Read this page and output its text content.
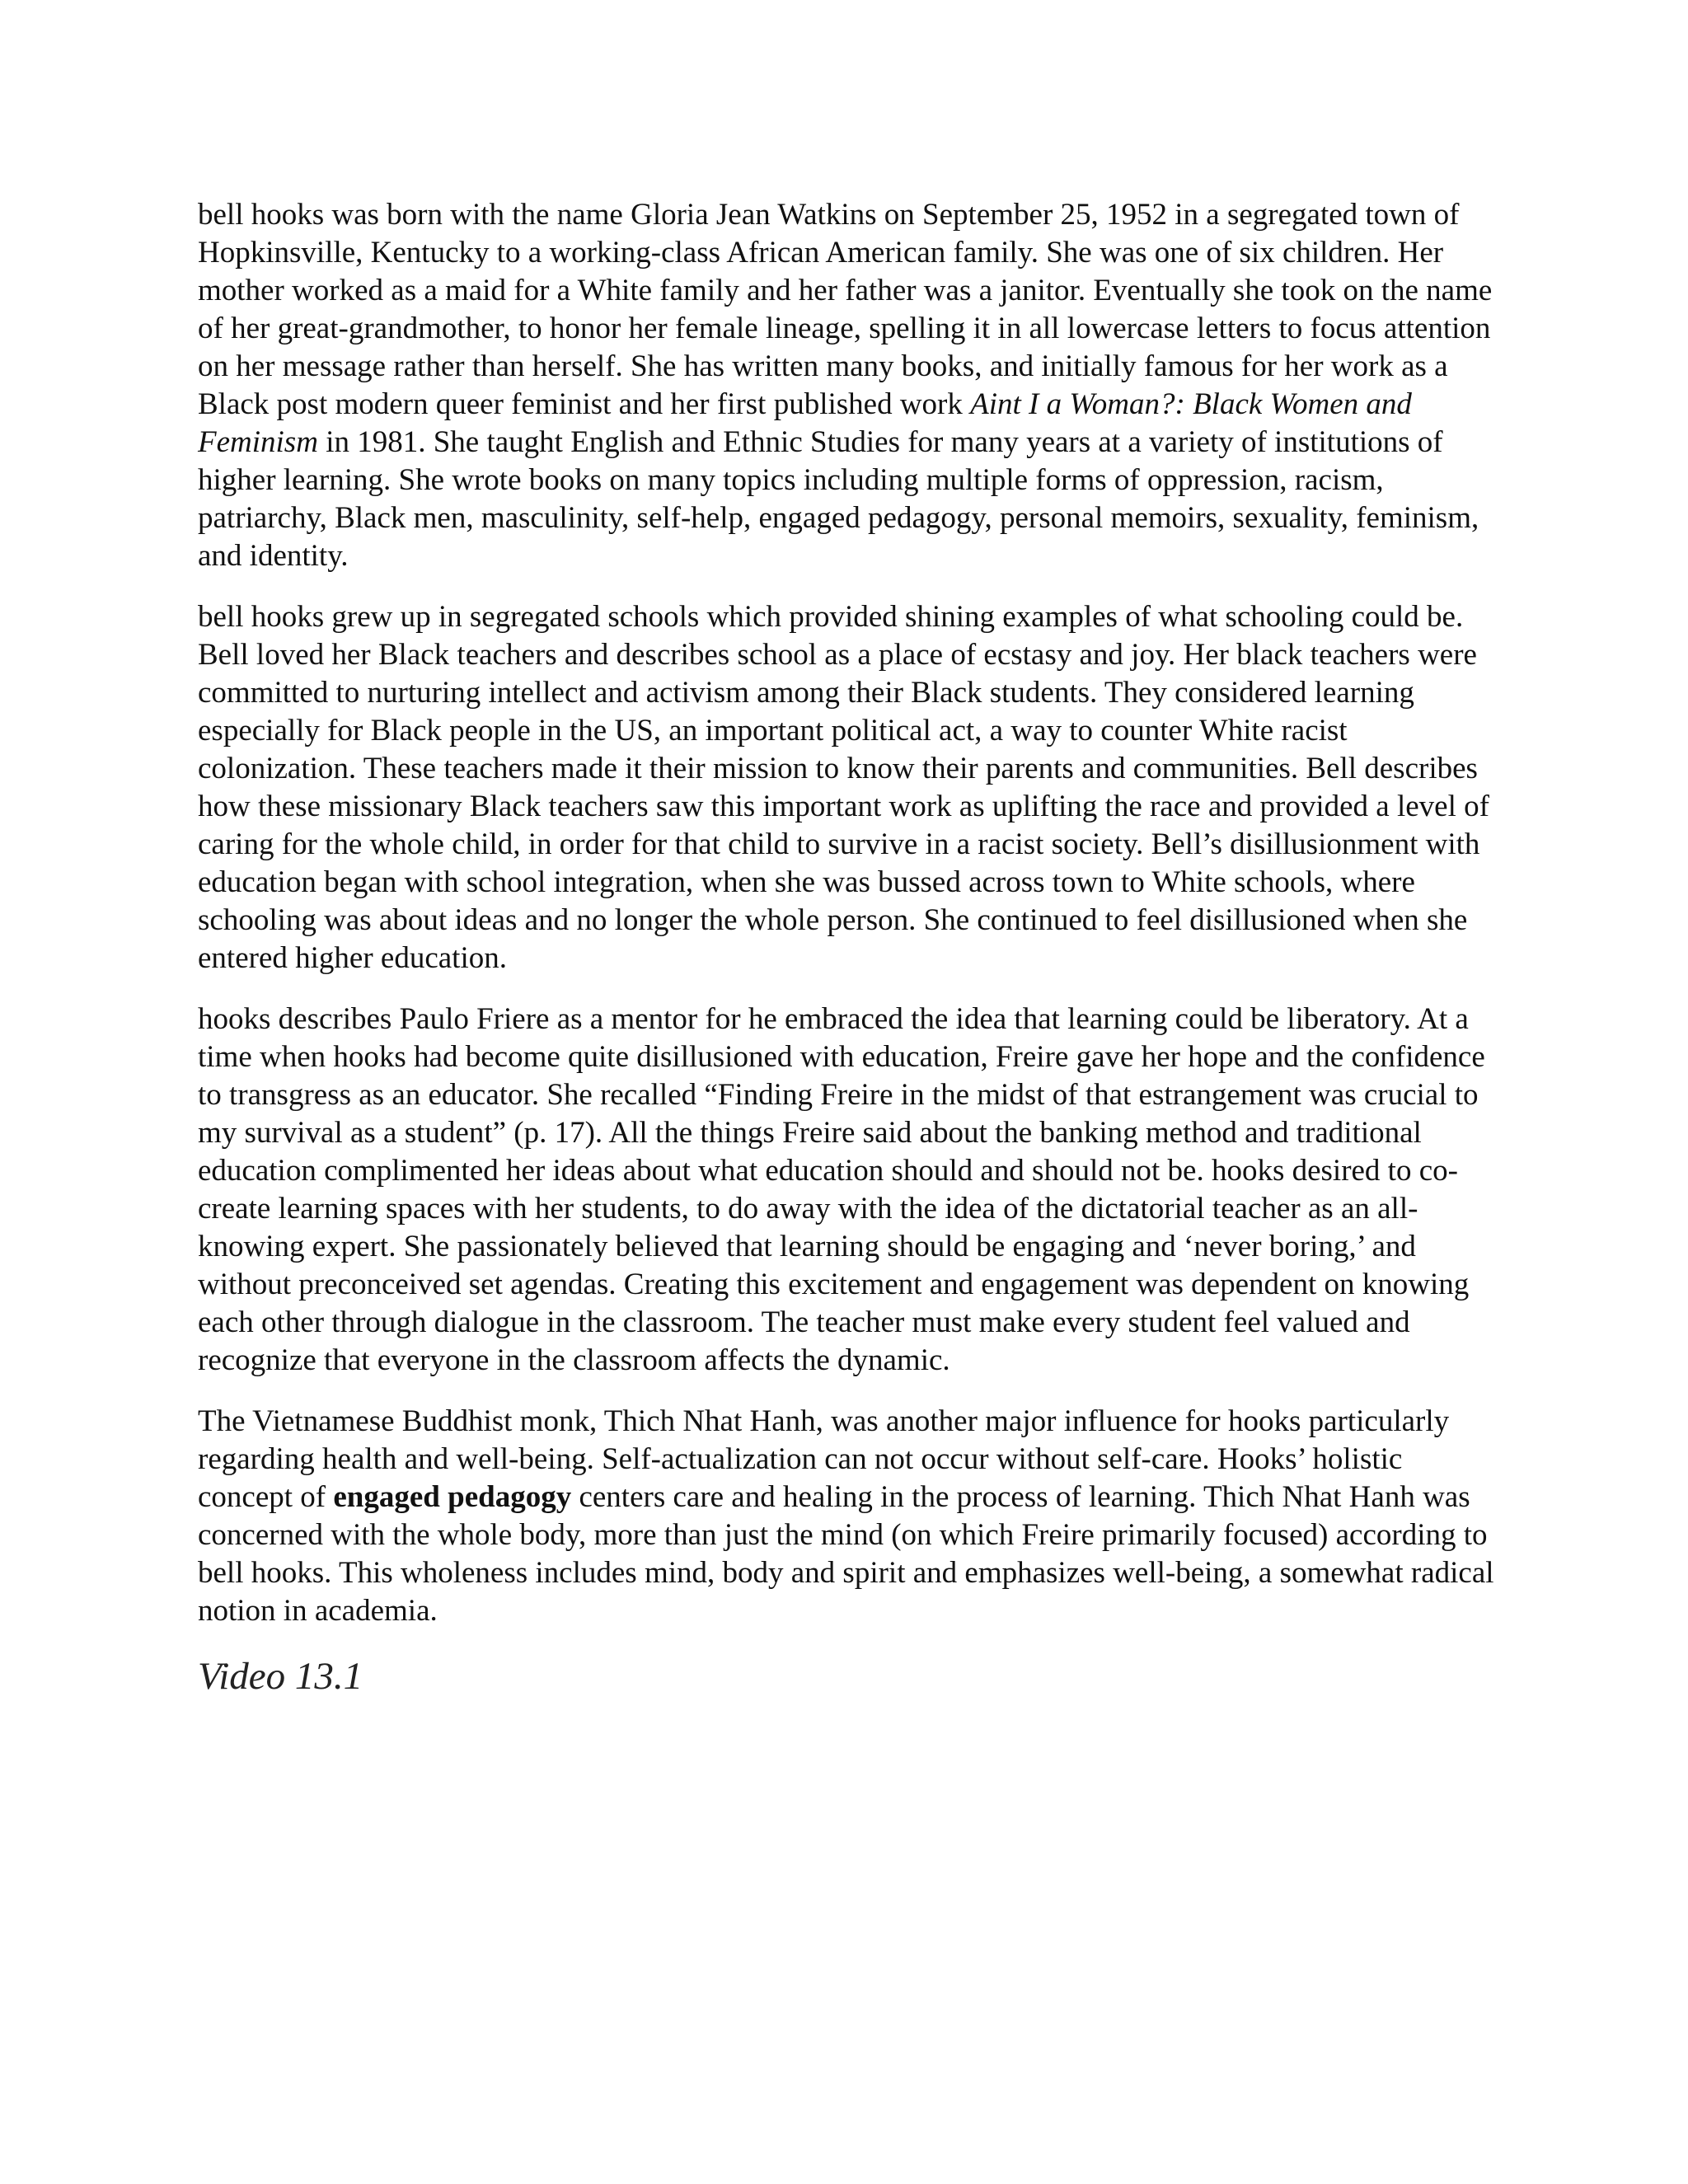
bell hooks was born with the name Gloria Jean Watkins on September 25, 1952 in a segregated town of Hopkinsville, Kentucky to a working-class African American family. She was one of six children. Her mother worked as a maid for a White family and her father was a janitor. Eventually she took on the name of her great-grandmother, to honor her female lineage, spelling it in all lowercase letters to focus attention on her message rather than herself. She has written many books, and initially famous for her work as a Black post modern queer feminist and her first published work Aint I a Woman?: Black Women and Feminism in 1981. She taught English and Ethnic Studies for many years at a variety of institutions of higher learning. She wrote books on many topics including multiple forms of oppression, racism, patriarchy, Black men, masculinity, self-help, engaged pedagogy, personal memoirs, sexuality, feminism, and identity.

bell hooks grew up in segregated schools which provided shining examples of what schooling could be. Bell loved her Black teachers and describes school as a place of ecstasy and joy. Her black teachers were committed to nurturing intellect and activism among their Black students. They considered learning especially for Black people in the US, an important political act, a way to counter White racist colonization. These teachers made it their mission to know their parents and communities. Bell describes how these missionary Black teachers saw this important work as uplifting the race and provided a level of caring for the whole child, in order for that child to survive in a racist society. Bell’s disillusionment with education began with school integration, when she was bussed across town to White schools, where schooling was about ideas and no longer the whole person. She continued to feel disillusioned when she entered higher education.

hooks describes Paulo Friere as a mentor for he embraced the idea that learning could be liberatory. At a time when hooks had become quite disillusioned with education, Freire gave her hope and the confidence to transgress as an educator. She recalled “Finding Freire in the midst of that estrangement was crucial to my survival as a student” (p. 17). All the things Freire said about the banking method and traditional education complimented her ideas about what education should and should not be. hooks desired to co-create learning spaces with her students, to do away with the idea of the dictatorial teacher as an all-knowing expert. She passionately believed that learning should be engaging and ‘never boring,’ and without preconceived set agendas. Creating this excitement and engagement was dependent on knowing each other through dialogue in the classroom. The teacher must make every student feel valued and recognize that everyone in the classroom affects the dynamic.

The Vietnamese Buddhist monk, Thich Nhat Hanh, was another major influence for hooks particularly regarding health and well-being. Self-actualization can not occur without self-care. Hooks’ holistic concept of engaged pedagogy centers care and healing in the process of learning. Thich Nhat Hanh was concerned with the whole body, more than just the mind (on which Freire primarily focused) according to bell hooks. This wholeness includes mind, body and spirit and emphasizes well-being, a somewhat radical notion in academia.

Video 13.1
